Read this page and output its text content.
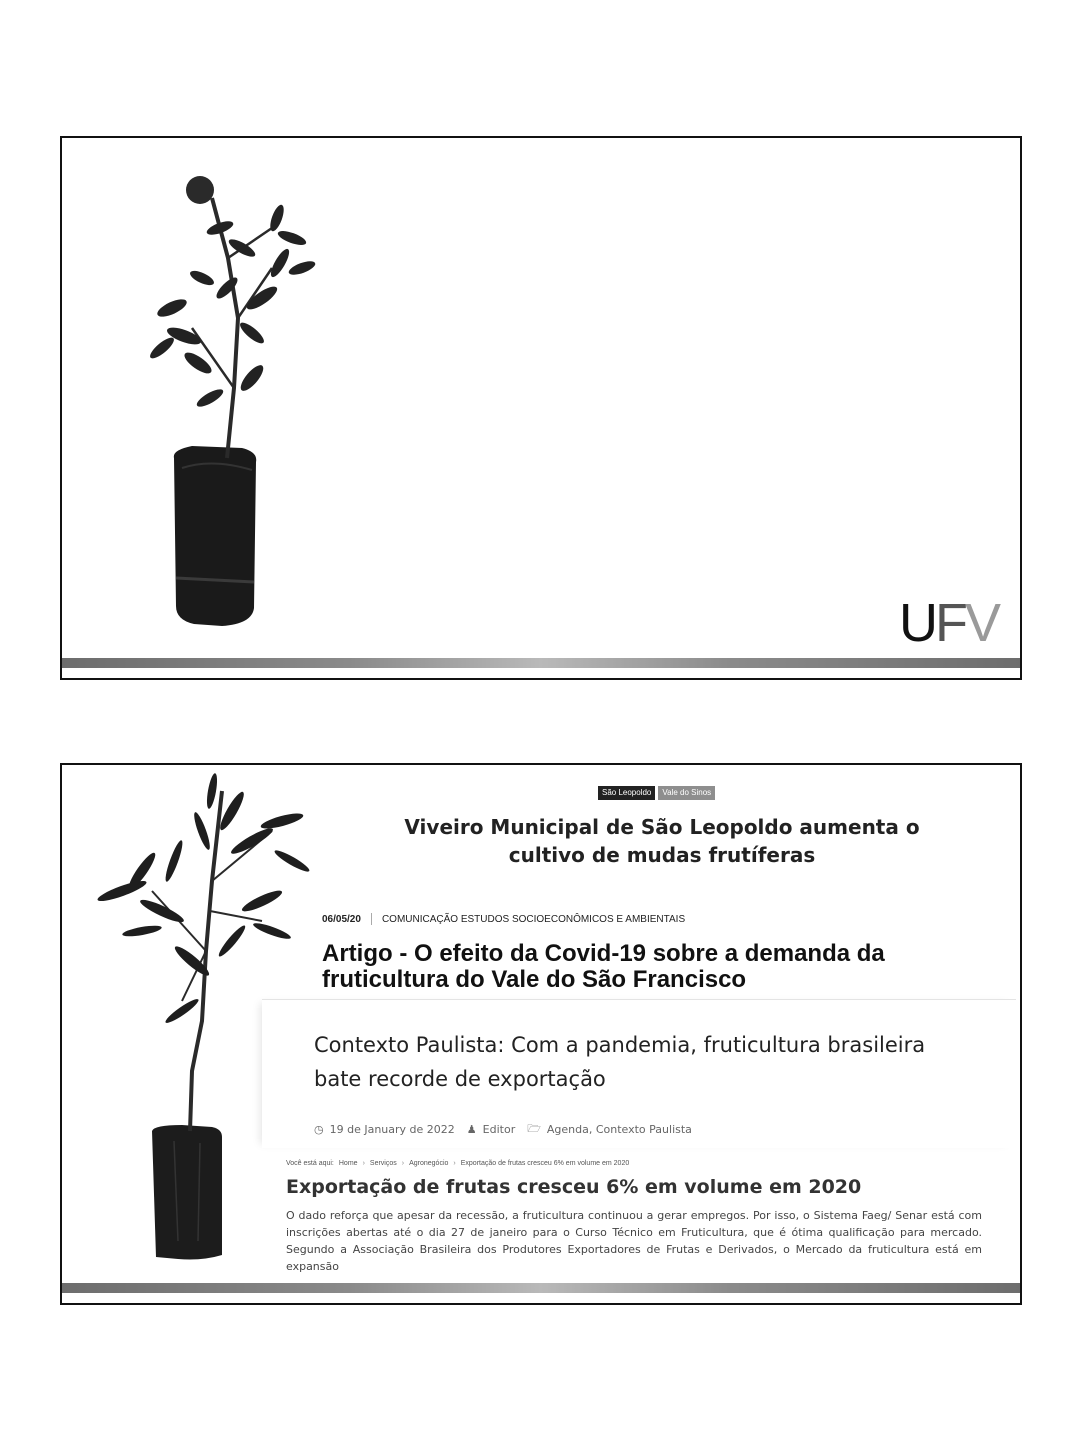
UFV
São Leopoldo	Vale do Sinos
Viveiro Municipal de São Leopoldo aumenta o cultivo de mudas frutíferas
06/05/20 COMUNICAÇÃO ESTUDOS SOCIOECONÔMICOS E AMBIENTAIS
Artigo - O efeito da Covid-19 sobre a demanda da fruticultura do Vale do São Francisco
Contexto Paulista: Com a pandemia, fruticultura brasileira bate recorde de exportação
◷ 19 de January de 2022 ♟ Editor 🗁 Agenda, Contexto Paulista
Você está aqui: Home › Serviços › Agronegócio › Exportação de frutas cresceu 6% em volume em 2020
Exportação de frutas cresceu 6% em volume em 2020
O dado reforça que apesar da recessão, a fruticultura continuou a gerar empregos. Por isso, o Sistema Faeg/ Senar está com inscrições abertas até o dia 27 de janeiro para o Curso Técnico em Fruticultura, que é ótima qualificação para mercado. Segundo a Associação Brasileira dos Produtores Exportadores de Frutas e Derivados, o Mercado da fruticultura está em expansão
